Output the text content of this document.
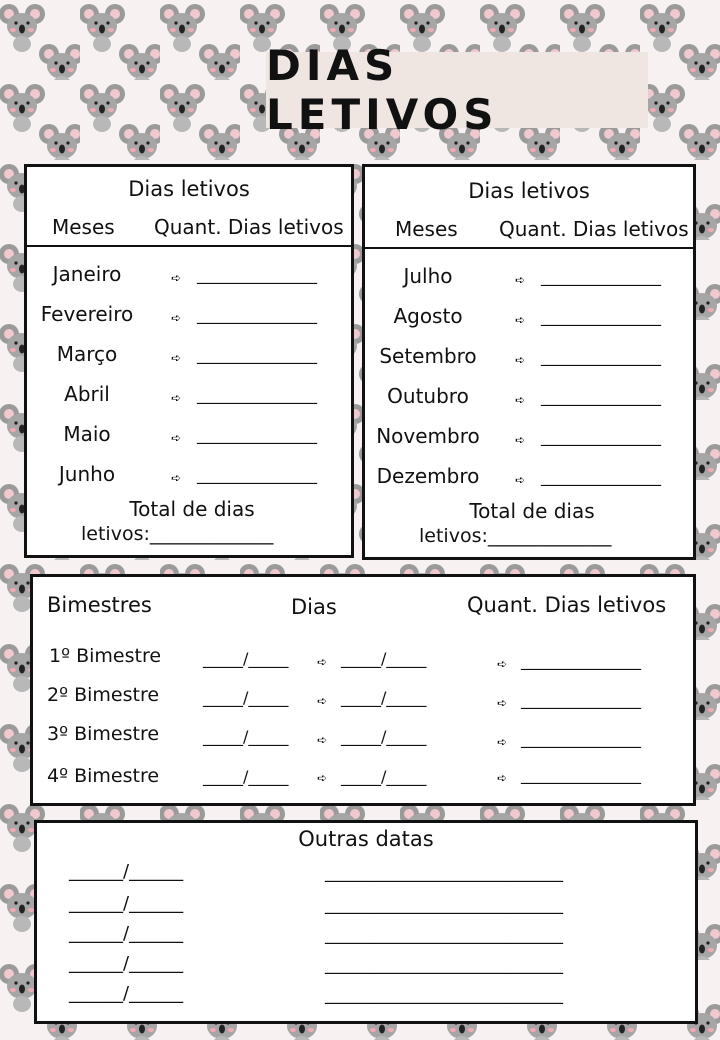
DIAS LETIVOS
Dias letivos
Meses Quant. Dias letivos
Janeiro
Fevereiro
Março
Abril
Maio
Junho
➪
➪
➪
➪
➪
➪
_______________
_______________
_______________
_______________
_______________
_______________
Total de dias
letivos:_____________
Dias letivos
Meses Quant. Dias letivos
Julho
Agosto
Setembro
Outubro
Novembro
Dezembro
➪
➪
➪
➪
➪
➪
_______________
_______________
_______________
_______________
_______________
_______________
Total de dias
letivos:_____________
Bimestres	Dias	Quant. Dias letivos
1º Bimestre
2º Bimestre
3º Bimestre
4º Bimestre
_____/_____
_____/_____
_____/_____
_____/_____
➪
➪
➪
➪
_____/_____
_____/_____
_____/_____
_____/_____
➪
➪
➪
➪
_______________
_______________
_______________
_______________
Outras datas
______/______
______/______
______/______
______/______
______/______
____________________________
____________________________
____________________________
____________________________
____________________________
